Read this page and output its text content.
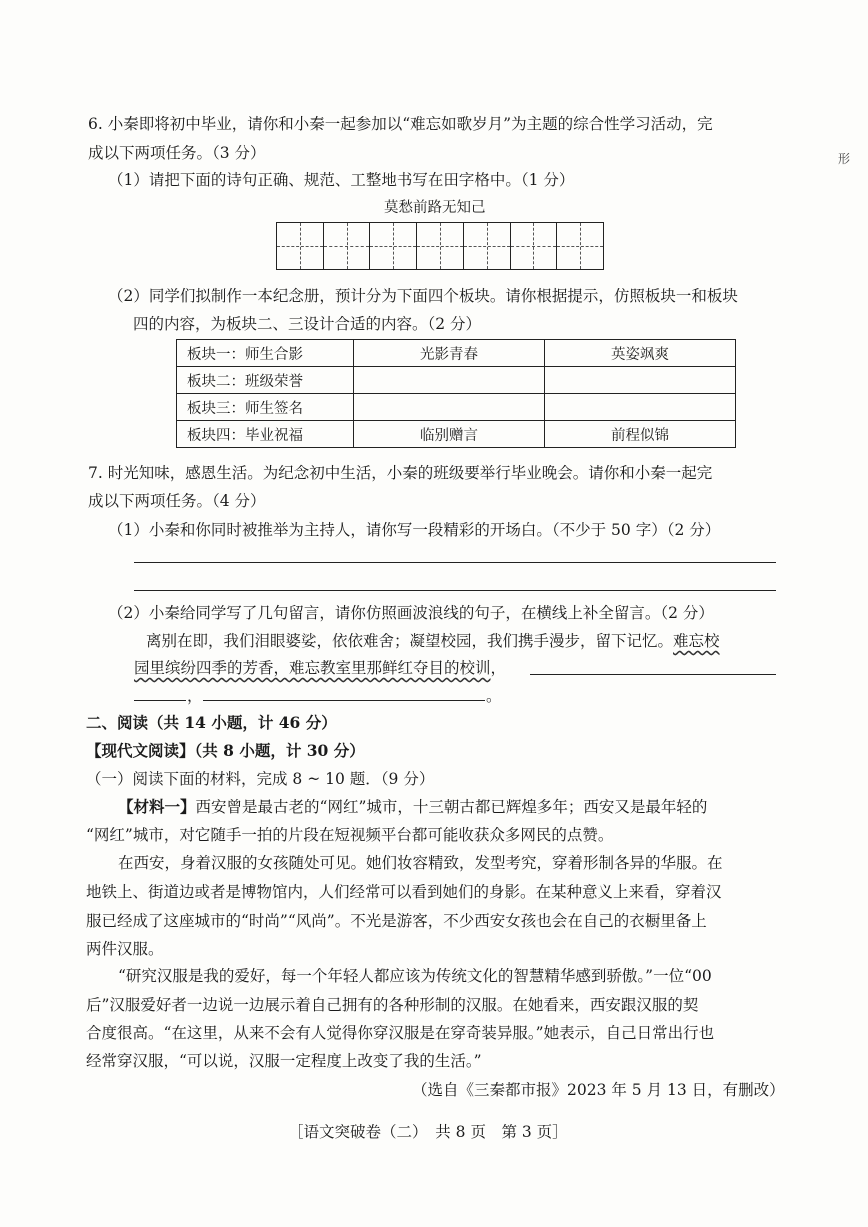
6. 小秦即将初中毕业，请你和小秦一起参加以“难忘如歌岁月”为主题的综合性学习活动，完
成以下两项任务。（3 分）
（1）请把下面的诗句正确、规范、工整地书写在田字格中。（1 分）
莫愁前路无知己
（2）同学们拟制作一本纪念册，预计分为下面四个板块。请你根据提示，仿照板块一和板块
四的内容，为板块二、三设计合适的内容。（2 分）
板块一：师生合影	光影青春	英姿飒爽
板块二：班级荣誉		
板块三：师生签名		
板块四：毕业祝福	临别赠言	前程似锦
7. 时光知味，感恩生活。为纪念初中生活，小秦的班级要举行毕业晚会。请你和小秦一起完
成以下两项任务。（4 分）
（1）小秦和你同时被推举为主持人，请你写一段精彩的开场白。（不少于 50 字）（2 分）
（2）小秦给同学写了几句留言，请你仿照画波浪线的句子，在横线上补全留言。（2 分）
离别在即，我们泪眼婆娑，依依难舍；凝望校园，我们携手漫步，留下记忆。难忘校
园里缤纷四季的芳香，难忘教室里那鲜红夺目的校训，
，	。
二、阅读（共 14 小题，计 46 分）
【现代文阅读】（共 8 小题，计 30 分）
（一）阅读下面的材料，完成 8 ~ 10 题．（9 分）
【材料一】西安曾是最古老的“网红”城市，十三朝古都已辉煌多年；西安又是最年轻的
“网红”城市，对它随手一拍的片段在短视频平台都可能收获众多网民的点赞。
在西安，身着汉服的女孩随处可见。她们妆容精致，发型考究，穿着形制各异的华服。在
地铁上、街道边或者是博物馆内，人们经常可以看到她们的身影。在某种意义上来看，穿着汉
服已经成了这座城市的“时尚”“风尚”。不光是游客，不少西安女孩也会在自己的衣橱里备上
两件汉服。
“研究汉服是我的爱好，每一个年轻人都应该为传统文化的智慧精华感到骄傲。”一位“00
后”汉服爱好者一边说一边展示着自己拥有的各种形制的汉服。在她看来，西安跟汉服的契
合度很高。“在这里，从来不会有人觉得你穿汉服是在穿奇装异服。”她表示，自己日常出行也
经常穿汉服，“可以说，汉服一定程度上改变了我的生活。”
（选自《三秦都市报》2023 年 5 月 13 日，有删改）
［语文突破卷（二）　共 8 页　第 3 页］
形
